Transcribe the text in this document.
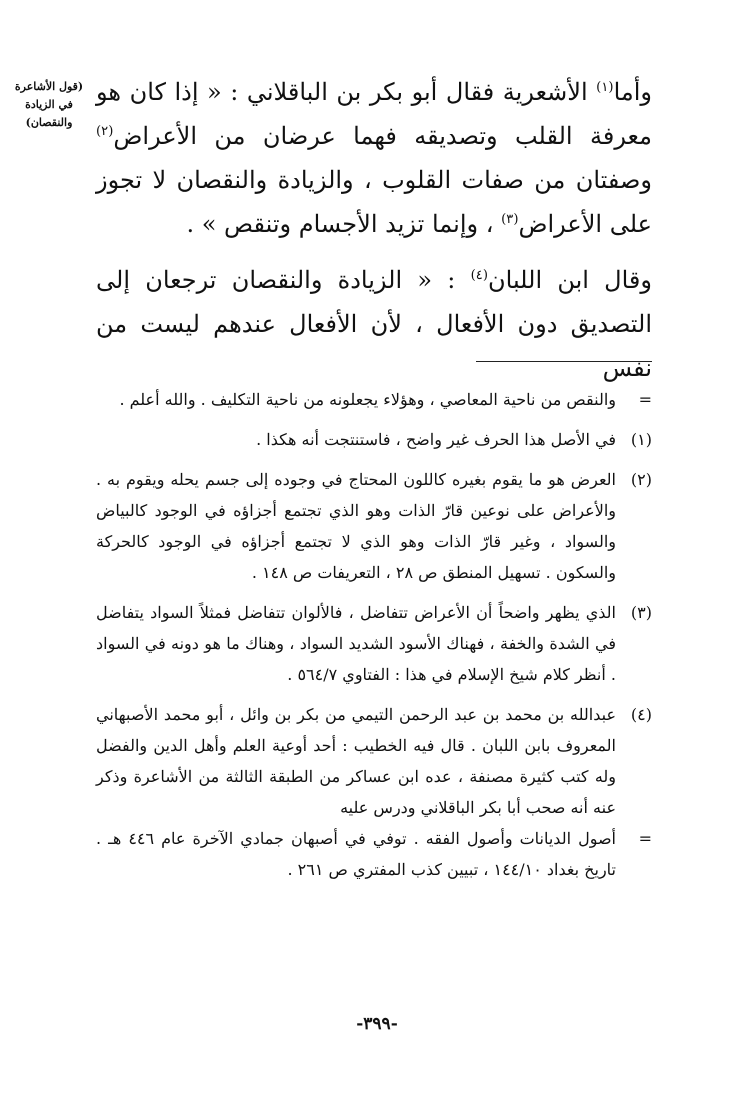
(قول الأشاعرة في الزيادة والنقصان)

وأما$^{(١)}$ الأشعرية فقال أبو بكر بن الباقلاني : « إذا كان هو معرفة القلب وتصديقه فهما عرضان من الأعراض$^{(٢)}$ وصفتان من صفات القلوب ، والزيادة والنقصان لا تجوز على الأعراض$^{(٣)}$ ، وإنما تزيد الأجسام وتنقص » .

وقال ابن اللبان$^{(٤)}$ : « الزيادة والنقصان ترجعان إلى التصديق دون الأفعال ، لأن الأفعال عندهم ليست من نفس

=
والنقص من ناحية المعاصي ، وهؤلاء يجعلونه من ناحية التكليف . والله أعلم .
(١)
في الأصل هذا الحرف غير واضح ، فاستنتجت أنه هكذا .
(٢)
العرض هو ما يقوم بغيره كاللون المحتاج في وجوده إلى جسم يحله ويقوم به . والأعراض على نوعين قارّ الذات وهو الذي تجتمع أجزاؤه في الوجود كالبياض والسواد ، وغير قارّ الذات وهو الذي لا تجتمع أجزاؤه في الوجود كالحركة والسكون . تسهيل المنطق ص ٢٨ ، التعريفات ص ١٤٨ .
(٣)
الذي يظهر واضحاً أن الأعراض تتفاضل ، فالألوان تتفاضل فمثلاً السواد يتفاضل في الشدة والخفة ، فهناك الأسود الشديد السواد ، وهناك ما هو دونه في السواد . أنظر كلام شيخ الإسلام في هذا : الفتاوي ٥٦٤/٧ .
(٤)
عبدالله بن محمد بن عبد الرحمن التيمي من بكر بن وائل ، أبو محمد الأصبهاني المعروف بابن اللبان . قال فيه الخطيب : أحد أوعية العلم وأهل الدين والفضل وله كتب كثيرة مصنفة ، عده ابن عساكر من الطبقة الثالثة من الأشاعرة وذكر عنه أنه صحب أبا بكر الباقلاني ودرس عليه
=
أصول الديانات وأصول الفقه . توفي في أصبهان جمادي الآخرة عام ٤٤٦ هـ . تاريخ بغداد ١٤٤/١٠ ، تبيين كذب المفتري ص ٢٦١ .
-٣٩٩-
